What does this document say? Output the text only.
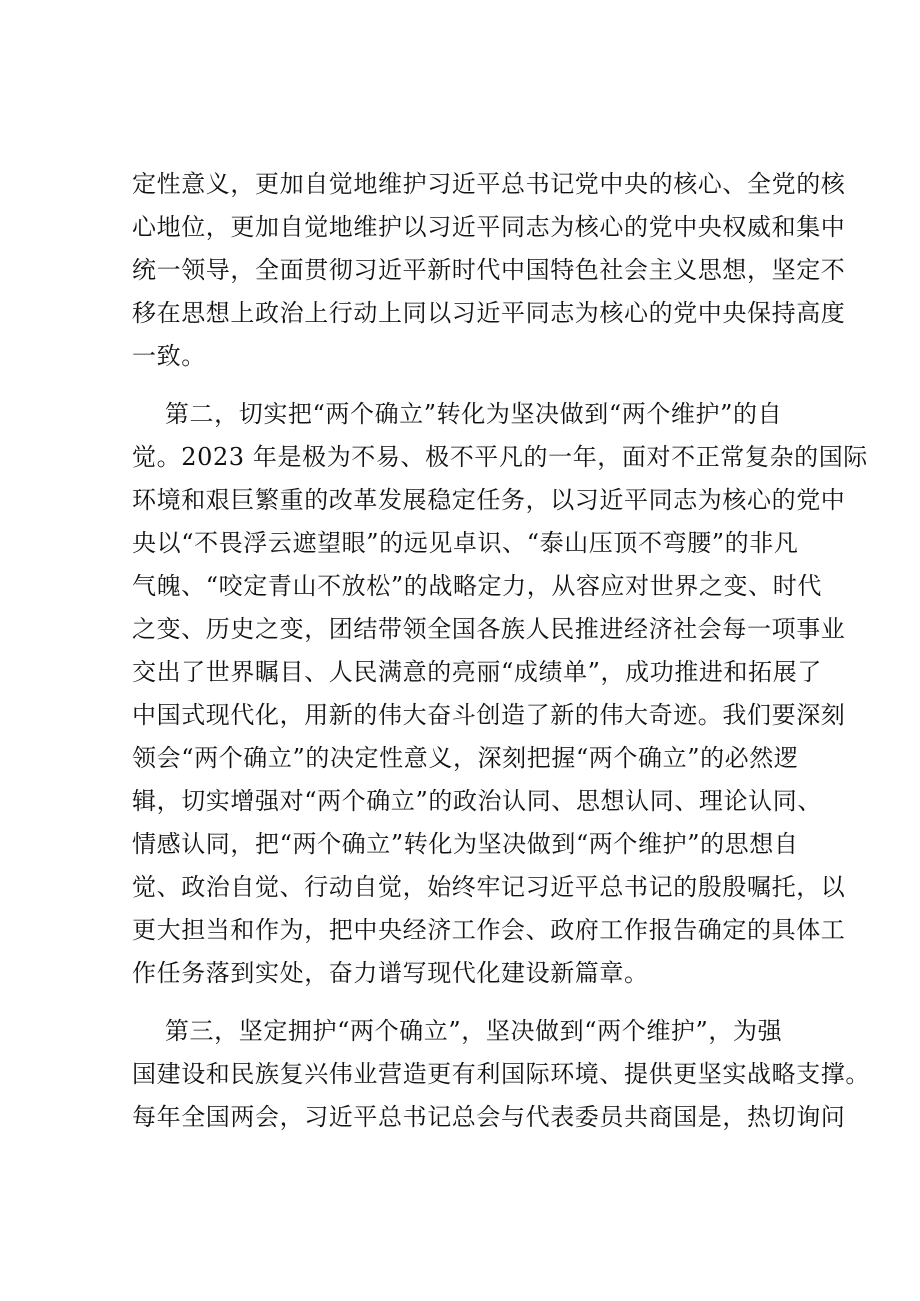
定性意义，更加自觉地维护习近平总书记党中央的核心、全党的核
心地位，更加自觉地维护以习近平同志为核心的党中央权威和集中
统一领导，全面贯彻习近平新时代中国特色社会主义思想，坚定不
移在思想上政治上行动上同以习近平同志为核心的党中央保持高度
一致。
第二，切实把“两个确立”转化为坚决做到“两个维护”的自
觉。2023 年是极为不易、极不平凡的一年，面对不正常复杂的国际
环境和艰巨繁重的改革发展稳定任务，以习近平同志为核心的党中
央以“不畏浮云遮望眼”的远见卓识、“泰山压顶不弯腰”的非凡
气魄、“咬定青山不放松”的战略定力，从容应对世界之变、时代
之变、历史之变，团结带领全国各族人民推进经济社会每一项事业
交出了世界瞩目、人民满意的亮丽“成绩单”，成功推进和拓展了
中国式现代化，用新的伟大奋斗创造了新的伟大奇迹。我们要深刻
领会“两个确立”的决定性意义，深刻把握“两个确立”的必然逻
辑，切实增强对“两个确立”的政治认同、思想认同、理论认同、
情感认同，把“两个确立”转化为坚决做到“两个维护”的思想自
觉、政治自觉、行动自觉，始终牢记习近平总书记的殷殷嘱托，以
更大担当和作为，把中央经济工作会、政府工作报告确定的具体工
作任务落到实处，奋力谱写现代化建设新篇章。
第三，坚定拥护“两个确立”，坚决做到“两个维护”，为强
国建设和民族复兴伟业营造更有利国际环境、提供更坚实战略支撑。
每年全国两会，习近平总书记总会与代表委员共商国是，热切询问
